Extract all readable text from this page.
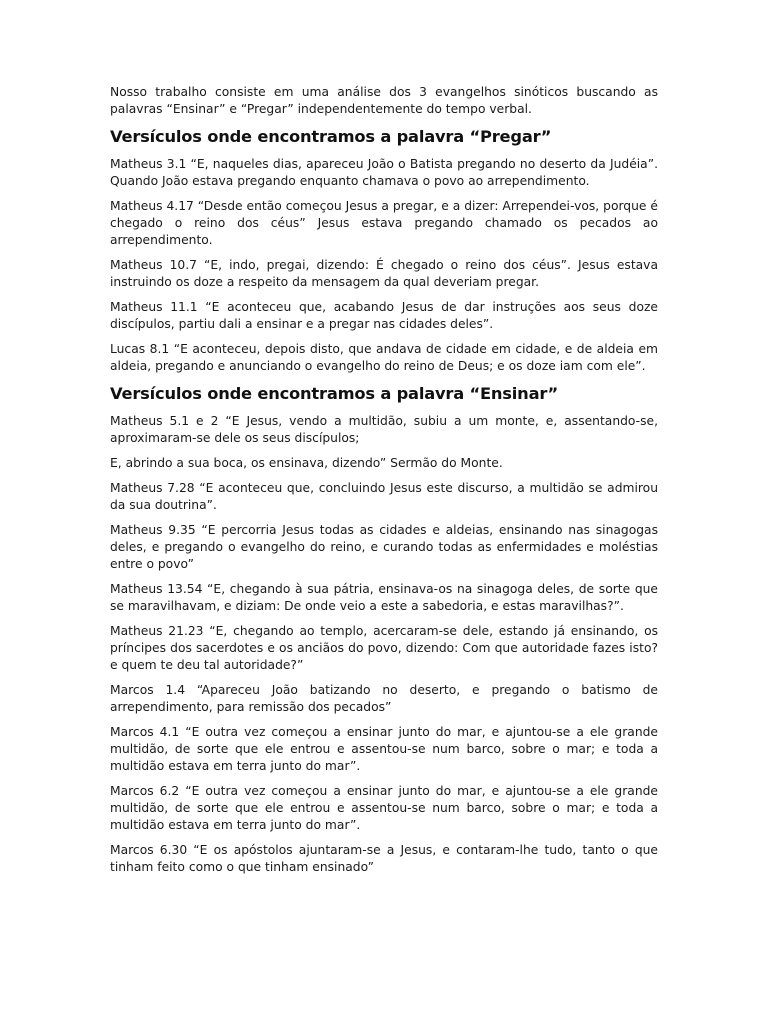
Nosso trabalho consiste em uma análise dos 3 evangelhos sinóticos buscando as palavras “Ensinar” e “Pregar” independentemente do tempo verbal.

Versículos onde encontramos a palavra “Pregar”

Matheus 3.1 “E, naqueles dias, apareceu João o Batista pregando no deserto da Judéia”. Quando João estava pregando enquanto chamava o povo ao arrependimento.

Matheus 4.17 “Desde então começou Jesus a pregar, e a dizer: Arrependei-vos, porque é chegado o reino dos céus” Jesus estava pregando chamado os pecados ao arrependimento.

Matheus 10.7 “E, indo, pregai, dizendo: É chegado o reino dos céus”. Jesus estava instruindo os doze a respeito da mensagem da qual deveriam pregar.

Matheus 11.1 “E aconteceu que, acabando Jesus de dar instruções aos seus doze discípulos, partiu dali a ensinar e a pregar nas cidades deles”.

Lucas 8.1 “E aconteceu, depois disto, que andava de cidade em cidade, e de aldeia em aldeia, pregando e anunciando o evangelho do reino de Deus; e os doze iam com ele”.

Versículos onde encontramos a palavra “Ensinar”

Matheus 5.1 e 2 “E Jesus, vendo a multidão, subiu a um monte, e, assentando-se, aproximaram-se dele os seus discípulos;

E, abrindo a sua boca, os ensinava, dizendo” Sermão do Monte.

Matheus 7.28 “E aconteceu que, concluindo Jesus este discurso, a multidão se admirou da sua doutrina”.

Matheus 9.35 “E percorria Jesus todas as cidades e aldeias, ensinando nas sinagogas deles, e pregando o evangelho do reino, e curando todas as enfermidades e moléstias entre o povo”

Matheus 13.54 “E, chegando à sua pátria, ensinava-os na sinagoga deles, de sorte que se maravilhavam, e diziam: De onde veio a este a sabedoria, e estas maravilhas?”.

Matheus 21.23 “E, chegando ao templo, acercaram-se dele, estando já ensinando, os príncipes dos sacerdotes e os anciãos do povo, dizendo: Com que autoridade fazes isto? e quem te deu tal autoridade?”

Marcos 1.4 “Apareceu João batizando no deserto, e pregando o batismo de arrependimento, para remissão dos pecados”

Marcos 4.1 “E outra vez começou a ensinar junto do mar, e ajuntou-se a ele grande multidão, de sorte que ele entrou e assentou-se num barco, sobre o mar; e toda a multidão estava em terra junto do mar”.

Marcos 6.2 “E outra vez começou a ensinar junto do mar, e ajuntou-se a ele grande multidão, de sorte que ele entrou e assentou-se num barco, sobre o mar; e toda a multidão estava em terra junto do mar”.

Marcos 6.30 “E os apóstolos ajuntaram-se a Jesus, e contaram-lhe tudo, tanto o que tinham feito como o que tinham ensinado”
